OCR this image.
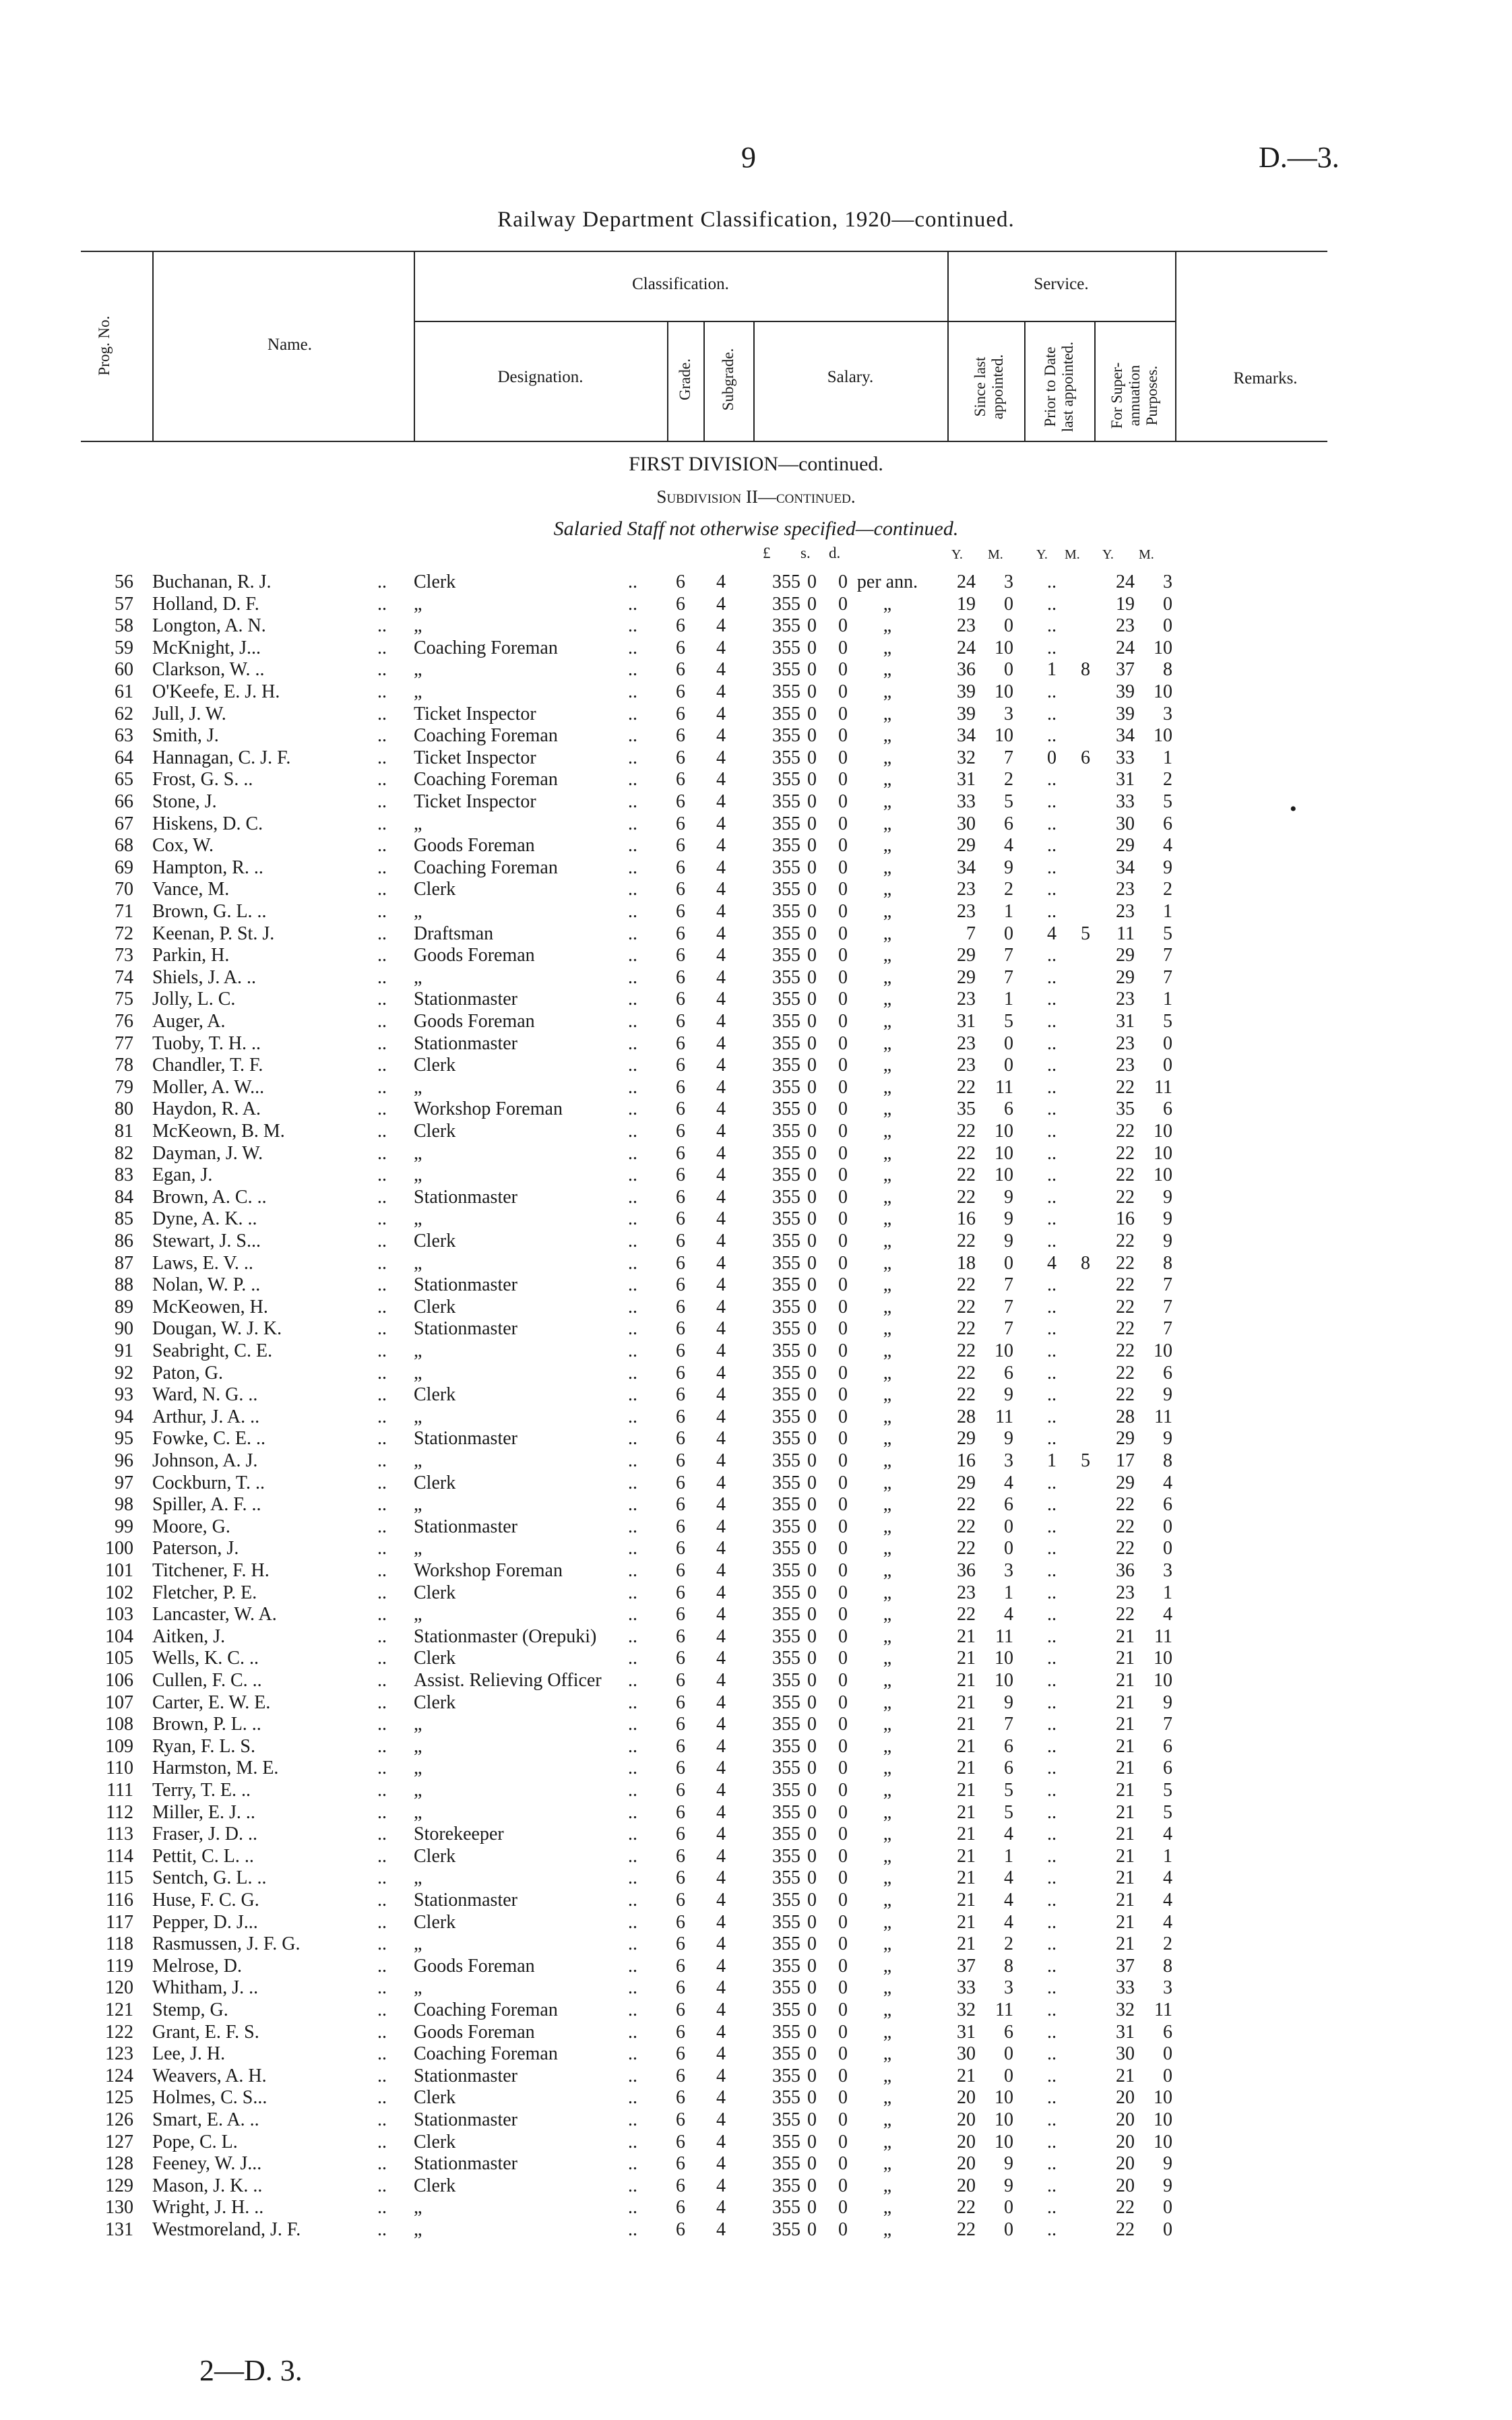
9	D.—3.
Railway Department Classification, 1920—continued.
Prog. No.	Name.
Classification.
Designation.	Grade. Subgrade.	Salary.
Service.
Since last appointed. Prior to Date last appointed. For Super- annuation Purposes.	Remarks.
FIRST DIVISION—continued.
Subdivision II—continued.
Salaried Staff not otherwise specified—continued.
£ s. d.	Y. M. Y. M. Y. M.
56 Buchanan, R. J.	.. Clerk	..	6	4	355 0	0 per ann.	24	3	..	24	3
57 Holland, D. F.	.. „	..	6	4	355 0	0	„	19	0	..	19	0
58 Longton, A. N.	.. „	..	6	4	355 0	0	„	23	0	..	23	0
59 McKnight, J...	.. Coaching Foreman	..	6	4	355 0	0	„	24	10	..	24	10
60 Clarkson, W. ..	.. „	..	6	4	355 0	0	„	36	0	1	8	37	8
61 O'Keefe, E. J. H.	.. „	..	6	4	355 0	0	„	39	10	..	39	10
62 Jull, J. W.	.. Ticket Inspector	..	6	4	355 0	0	„	39	3	..	39	3
63 Smith, J.	.. Coaching Foreman	..	6	4	355 0	0	„	34	10	..	34	10
64 Hannagan, C. J. F.	.. Ticket Inspector	..	6	4	355 0	0	„	32	7	0	6	33	1
65 Frost, G. S. ..	.. Coaching Foreman	..	6	4	355 0	0	„	31	2	..	31	2
66 Stone, J.	.. Ticket Inspector	..	6	4	355 0	0	„	33	5	..	33	5
67 Hiskens, D. C.	.. „	..	6	4	355 0	0	„	30	6	..	30	6
68 Cox, W.	.. Goods Foreman	..	6	4	355 0	0	„	29	4	..	29	4
69 Hampton, R. ..	.. Coaching Foreman	..	6	4	355 0	0	„	34	9	..	34	9
70 Vance, M.	.. Clerk	..	6	4	355 0	0	„	23	2	..	23	2
71 Brown, G. L. ..	.. „	..	6	4	355 0	0	„	23	1	..	23	1
72 Keenan, P. St. J.	.. Draftsman	..	6	4	355 0	0	„	7	0	4	5	11	5
73 Parkin, H.	.. Goods Foreman	..	6	4	355 0	0	„	29	7	..	29	7
74 Shiels, J. A. ..	.. „	..	6	4	355 0	0	„	29	7	..	29	7
75 Jolly, L. C.	.. Stationmaster	..	6	4	355 0	0	„	23	1	..	23	1
76 Auger, A.	.. Goods Foreman	..	6	4	355 0	0	„	31	5	..	31	5
77 Tuoby, T. H. ..	.. Stationmaster	..	6	4	355 0	0	„	23	0	..	23	0
78 Chandler, T. F.	.. Clerk	..	6	4	355 0	0	„	23	0	..	23	0
79 Moller, A. W...	.. „	..	6	4	355 0	0	„	22	11	..	22	11
80 Haydon, R. A.	.. Workshop Foreman	..	6	4	355 0	0	„	35	6	..	35	6
81 McKeown, B. M.	.. Clerk	..	6	4	355 0	0	„	22	10	..	22	10
82 Dayman, J. W.	.. „	..	6	4	355 0	0	„	22	10	..	22	10
83 Egan, J.	.. „	..	6	4	355 0	0	„	22	10	..	22	10
84 Brown, A. C. ..	.. Stationmaster	..	6	4	355 0	0	„	22	9	..	22	9
85 Dyne, A. K. ..	.. „	..	6	4	355 0	0	„	16	9	..	16	9
86 Stewart, J. S...	.. Clerk	..	6	4	355 0	0	„	22	9	..	22	9
87 Laws, E. V. ..	.. „	..	6	4	355 0	0	„	18	0	4	8	22	8
88 Nolan, W. P. ..	.. Stationmaster	..	6	4	355 0	0	„	22	7	..	22	7
89 McKeowen, H.	.. Clerk	..	6	4	355 0	0	„	22	7	..	22	7
90 Dougan, W. J. K.	.. Stationmaster	..	6	4	355 0	0	„	22	7	..	22	7
91 Seabright, C. E.	.. „	..	6	4	355 0	0	„	22	10	..	22	10
92 Paton, G.	.. „	..	6	4	355 0	0	„	22	6	..	22	6
93 Ward, N. G. ..	.. Clerk	..	6	4	355 0	0	„	22	9	..	22	9
94 Arthur, J. A. ..	.. „	..	6	4	355 0	0	„	28	11	..	28	11
95 Fowke, C. E. ..	.. Stationmaster	..	6	4	355 0	0	„	29	9	..	29	9
96 Johnson, A. J.	.. „	..	6	4	355 0	0	„	16	3	1	5	17	8
97 Cockburn, T. ..	.. Clerk	..	6	4	355 0	0	„	29	4	..	29	4
98 Spiller, A. F. ..	.. „	..	6	4	355 0	0	„	22	6	..	22	6
99 Moore, G.	.. Stationmaster	..	6	4	355 0	0	„	22	0	..	22	0
100 Paterson, J.	.. „	..	6	4	355 0	0	„	22	0	..	22	0
101 Titchener, F. H.	.. Workshop Foreman	..	6	4	355 0	0	„	36	3	..	36	3
102 Fletcher, P. E.	.. Clerk	..	6	4	355 0	0	„	23	1	..	23	1
103 Lancaster, W. A.	.. „	..	6	4	355 0	0	„	22	4	..	22	4
104 Aitken, J.	.. Stationmaster (Orepuki) ..	6	4	355 0	0	„	21	11	..	21	11
105 Wells, K. C. ..	.. Clerk	..	6	4	355 0	0	„	21	10	..	21	10
106 Cullen, F. C. ..	.. Assist. Relieving Officer ..	6	4	355 0	0	„	21	10	..	21	10
107 Carter, E. W. E.	.. Clerk	..	6	4	355 0	0	„	21	9	..	21	9
108 Brown, P. L. ..	.. „	..	6	4	355 0	0	„	21	7	..	21	7
109 Ryan, F. L. S.	.. „	..	6	4	355 0	0	„	21	6	..	21	6
110 Harmston, M. E.	.. „	..	6	4	355 0	0	„	21	6	..	21	6
111 Terry, T. E. ..	.. „	..	6	4	355 0	0	„	21	5	..	21	5
112 Miller, E. J. ..	.. „	..	6	4	355 0	0	„	21	5	..	21	5
113 Fraser, J. D. ..	.. Storekeeper	..	6	4	355 0	0	„	21	4	..	21	4
114 Pettit, C. L. ..	.. Clerk	..	6	4	355 0	0	„	21	1	..	21	1
115 Sentch, G. L. ..	.. „	..	6	4	355 0	0	„	21	4	..	21	4
116 Huse, F. C. G.	.. Stationmaster	..	6	4	355 0	0	„	21	4	..	21	4
117 Pepper, D. J...	.. Clerk	..	6	4	355 0	0	„	21	4	..	21	4
118 Rasmussen, J. F. G.	.. „	..	6	4	355 0	0	„	21	2	..	21	2
119 Melrose, D.	.. Goods Foreman	..	6	4	355 0	0	„	37	8	..	37	8
120 Whitham, J. ..	.. „	..	6	4	355 0	0	„	33	3	..	33	3
121 Stemp, G.	.. Coaching Foreman	..	6	4	355 0	0	„	32	11	..	32	11
122 Grant, E. F. S.	.. Goods Foreman	..	6	4	355 0	0	„	31	6	..	31	6
123 Lee, J. H.	.. Coaching Foreman	..	6	4	355 0	0	„	30	0	..	30	0
124 Weavers, A. H.	.. Stationmaster	..	6	4	355 0	0	„	21	0	..	21	0
125 Holmes, C. S...	.. Clerk	..	6	4	355 0	0	„	20	10	..	20	10
126 Smart, E. A. ..	.. Stationmaster	..	6	4	355 0	0	„	20	10	..	20	10
127 Pope, C. L.	.. Clerk	..	6	4	355 0	0	„	20	10	..	20	10
128 Feeney, W. J...	.. Stationmaster	..	6	4	355 0	0	„	20	9	..	20	9
129 Mason, J. K. ..	.. Clerk	..	6	4	355 0	0	„	20	9	..	20	9
130 Wright, J. H. ..	.. „	..	6	4	355 0	0	„	22	0	..	22	0
131 Westmoreland, J. F.	.. „	..	6	4	355 0	0	„	22	0	..	22	0
•
2—D. 3.
